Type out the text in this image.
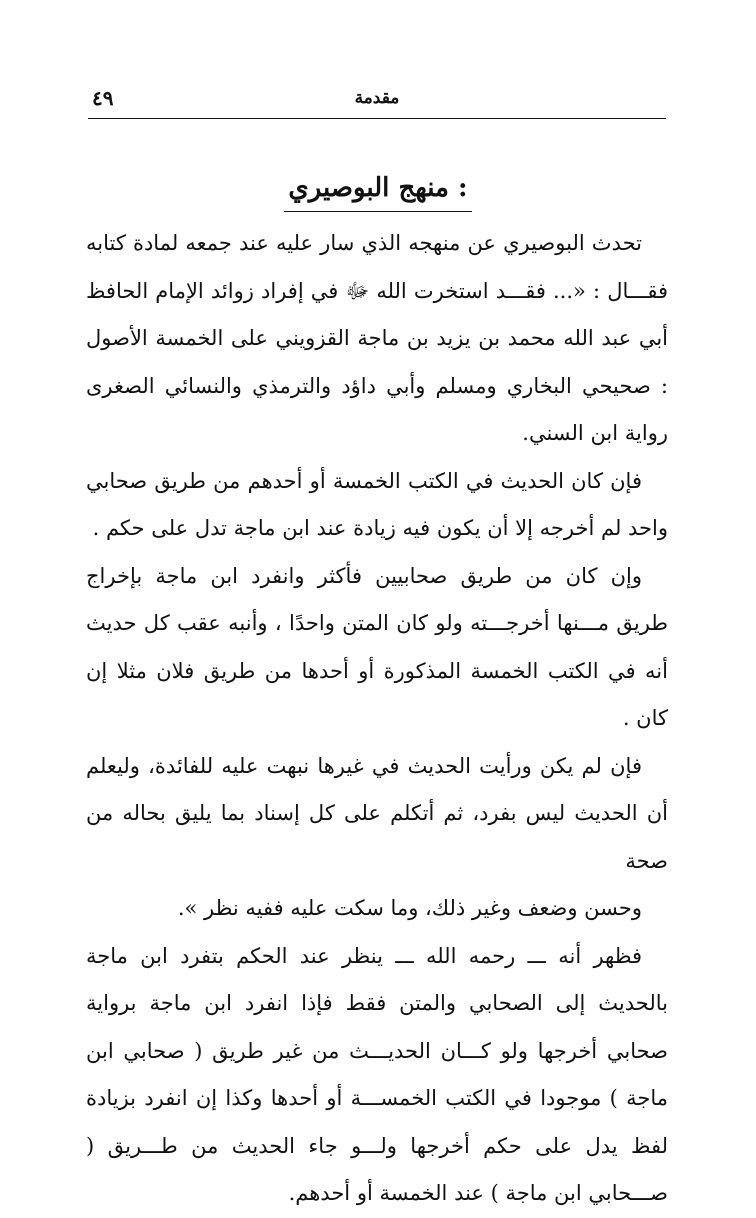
مقدمة
٤٩
منهج البوصيري :

تحدث البوصيري عن منهجه الذي سار عليه عند جمعه لمادة كتابه فقـــال : «... فقـــد استخرت الله ﷻ في إفراد زوائد الإمام الحافظ أبي عبد الله محمد بن يزيد بن ماجة القزويني على الخمسة الأصول : صحيحي البخاري ومسلم وأبي داؤد والترمذي والنسائي الصغرى رواية ابن السني.

فإن كان الحديث في الكتب الخمسة أو أحدهم من طريق صحابي واحد لم أخرجه إلا أن يكون فيه زيادة عند ابن ماجة تدل على حكم .

وإن كان من طريق صحابيين فأكثر وانفرد ابن ماجة بإخراج طريق مـــنها أخرجـــته ولو كان المتن واحدًا ، وأنبه عقب كل حديث أنه في الكتب الخمسة المذكورة أو أحدها من طريق فلان مثلا إن كان .

فإن لم يكن ورأيت الحديث في غيرها نبهت عليه للفائدة، وليعلم أن الحديث ليس بفرد، ثم أتكلم على كل إسناد بما يليق بحاله من صحة

وحسن وضعف وغير ذلك، وما سكت عليه ففيه نظر ».

فظهر أنه ـــ رحمه الله ـــ ينظر عند الحكم بتفرد ابن ماجة بالحديث إلى الصحابي والمتن فقط فإذا انفرد ابن ماجة برواية صحابي أخرجها ولو كـــان الحديـــث من غير طريق ( صحابي ابن ماجة ) موجودا في الكتب الخمســـة أو أحدها وكذا إن انفرد بزيادة لفظ يدل على حكم أخرجها ولـــو جاء الحديث من طـــريق ( صـــحابي ابن ماجة ) عند الخمسة أو أحدهم.
